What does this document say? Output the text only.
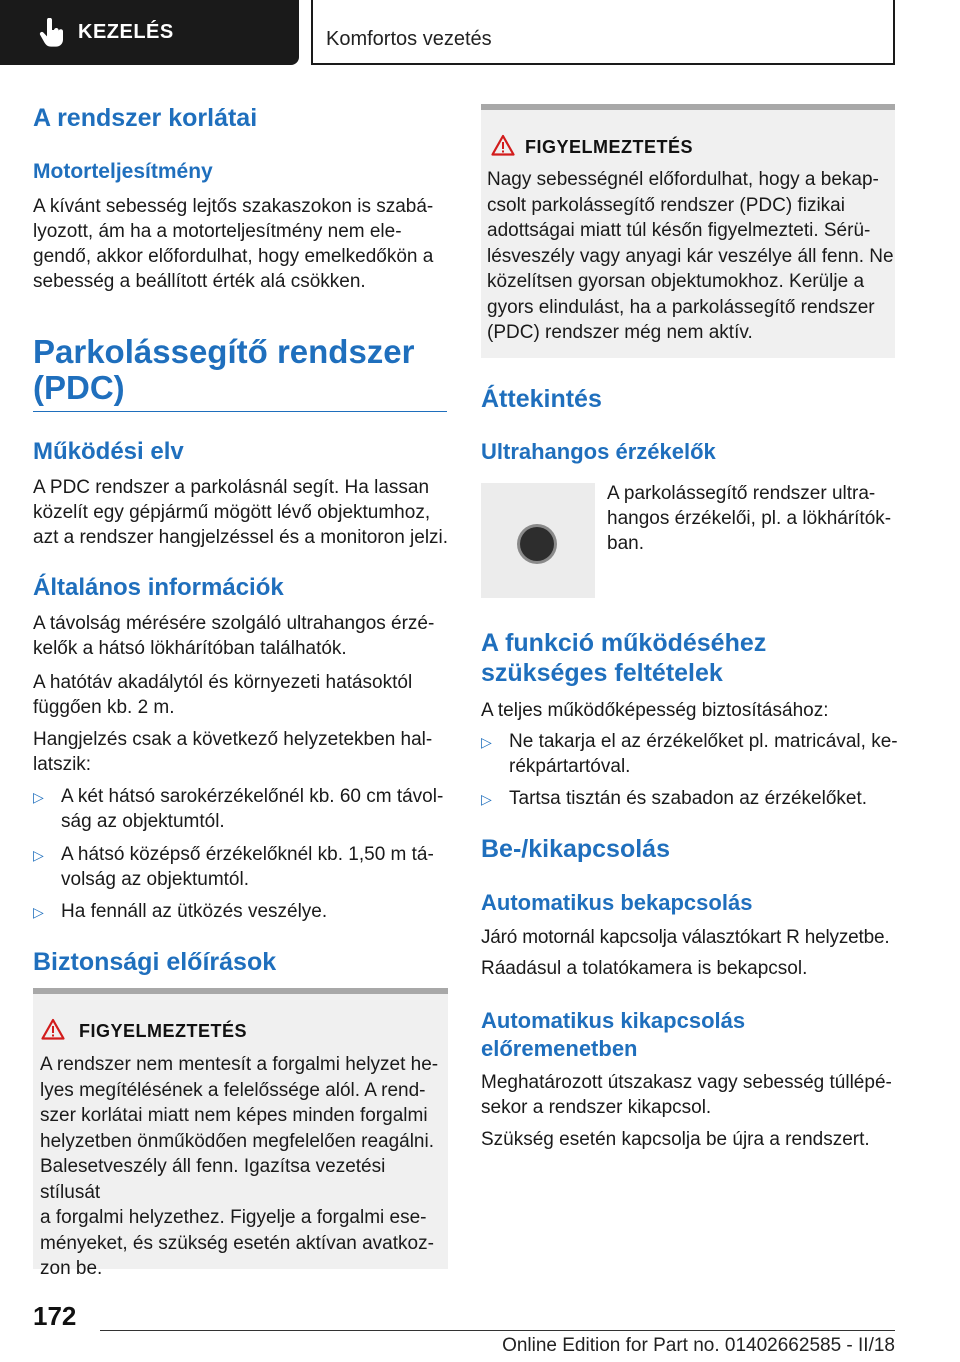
KEZELÉS	Komfortos vezetés
A rendszer korlátai
Motorteljesítmény
A kívánt sebesség lejtős szakaszokon is szabá-
lyozott, ám ha a motorteljesítmény nem ele-
gendő, akkor előfordulhat, hogy emelkedőkön a
sebesség a beállított érték alá csökken.
Parkolássegítő rendszer
(PDC)
Működési elv
A PDC rendszer a parkolásnál segít. Ha lassan
közelít egy gépjármű mögött lévő objektumhoz,
azt a rendszer hangjelzéssel és a monitoron jelzi.
Általános információk
A távolság mérésére szolgáló ultrahangos érzé-
kelők a hátsó lökhárítóban találhatók.
A hatótáv akadálytól és környezeti hatásoktól
függően kb. 2 m.
Hangjelzés csak a következő helyzetekben hal-
latszik:
▷ A két hátsó sarokérzékelőnél kb. 60 cm távol-
ság az objektumtól.
▷ A hátsó középső érzékelőknél kb. 1,50 m tá-
volság az objektumtól.
▷ Ha fennáll az ütközés veszélye.
Biztonsági előírások
FIGYELMEZTETÉS
A rendszer nem mentesít a forgalmi helyzet he-
lyes megítélésének a felelőssége alól. A rend-
szer korlátai miatt nem képes minden forgalmi
helyzetben önműködően megfelelően reagálni.
Balesetveszély áll fenn. Igazítsa vezetési stílusát
a forgalmi helyzethez. Figyelje a forgalmi ese-
ményeket, és szükség esetén aktívan avatkoz-
zon be.
FIGYELMEZTETÉS
Nagy sebességnél előfordulhat, hogy a bekap-
csolt parkolássegítő rendszer (PDC) fizikai
adottságai miatt túl későn figyelmezteti. Sérü-
lésveszély vagy anyagi kár veszélye áll fenn. Ne
közelítsen gyorsan objektumokhoz. Kerülje a
gyors elindulást, ha a parkolássegítő rendszer
(PDC) rendszer még nem aktív.
Áttekintés
Ultrahangos érzékelők
A parkolássegítő rendszer ultra-
hangos érzékelői, pl. a lökhárítók-
ban.
A funkció működéséhez
szükséges feltételek
A teljes működőképesség biztosításához:
▷ Ne takarja el az érzékelőket pl. matricával, ke-
rékpártartóval.
▷ Tartsa tisztán és szabadon az érzékelőket.
Be-/kikapcsolás
Automatikus bekapcsolás
Járó motornál kapcsolja választókart R helyzetbe.
Ráadásul a tolatókamera is bekapcsol.
Automatikus kikapcsolás
előremenetben
Meghatározott útszakasz vagy sebesség túllépé-
sekor a rendszer kikapcsol.
Szükség esetén kapcsolja be újra a rendszert.
172
Online Edition for Part no. 01402662585 - II/18
